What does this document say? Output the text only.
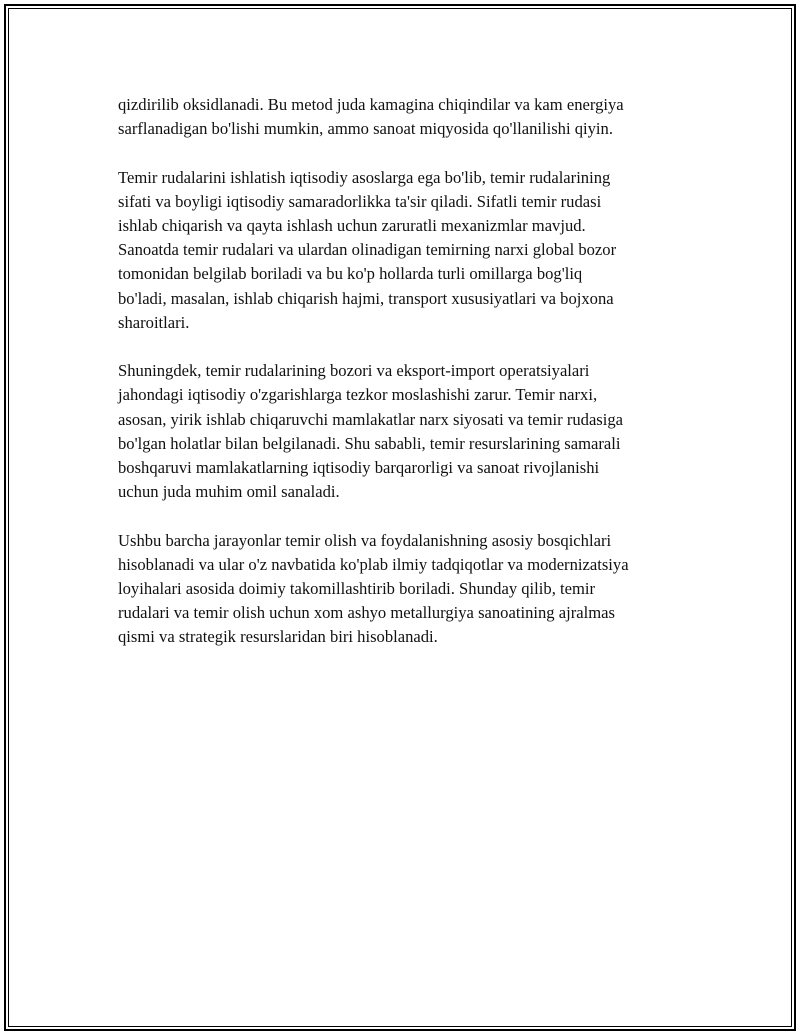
qizdirilib oksidlanadi. Bu metod juda kamagina chiqindilar va kam energiya
sarflanadigan bo'lishi mumkin, ammo sanoat miqyosida qo'llanilishi qiyin.

Temir rudalarini ishlatish iqtisodiy asoslarga ega bo'lib, temir rudalarining
sifati va boyligi iqtisodiy samaradorlikka ta'sir qiladi. Sifatli temir rudasi
ishlab chiqarish va qayta ishlash uchun zaruratli mexanizmlar mavjud.
Sanoatda temir rudalari va ulardan olinadigan temirning narxi global bozor
tomonidan belgilab boriladi va bu ko'p hollarda turli omillarga bog'liq
bo'ladi, masalan, ishlab chiqarish hajmi, transport xususiyatlari va bojxona
sharoitlari.

Shuningdek, temir rudalarining bozori va eksport-import operatsiyalari
jahondagi iqtisodiy o'zgarishlarga tezkor moslashishi zarur. Temir narxi,
asosan, yirik ishlab chiqaruvchi mamlakatlar narx siyosati va temir rudasiga
bo'lgan holatlar bilan belgilanadi. Shu sababli, temir resurslarining samarali
boshqaruvi mamlakatlarning iqtisodiy barqarorligi va sanoat rivojlanishi
uchun juda muhim omil sanaladi.

Ushbu barcha jarayonlar temir olish va foydalanishning asosiy bosqichlari
hisoblanadi va ular o'z navbatida ko'plab ilmiy tadqiqotlar va modernizatsiya
loyihalari asosida doimiy takomillashtirib boriladi. Shunday qilib, temir
rudalari va temir olish uchun xom ashyo metallurgiya sanoatining ajralmas
qismi va strategik resurslaridan biri hisoblanadi.
